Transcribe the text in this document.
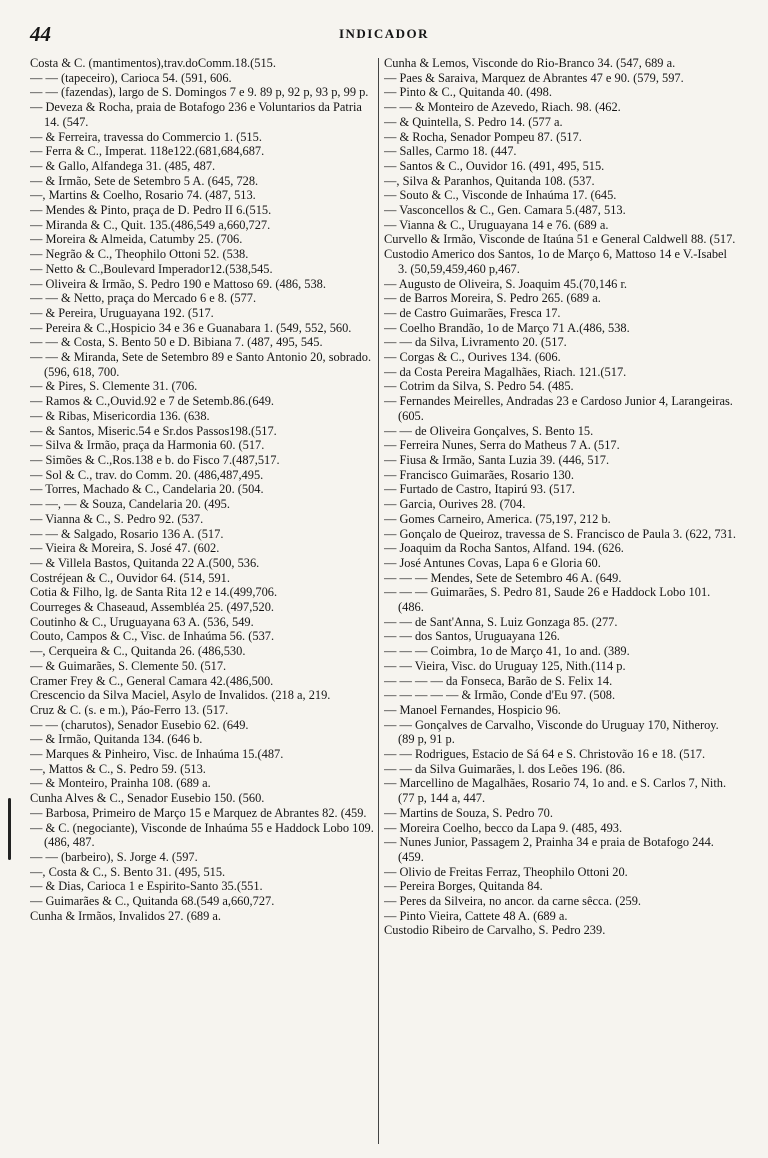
44	INDICADOR
Costa & C. (mantimentos),trav.doComm.18.(515.
— — (tapeceiro), Carioca 54. (591, 606.
— — (fazendas), largo de S. Domingos 7 e 9. 89 p, 92 p, 93 p, 99 p.
— Deveza & Rocha, praia de Botafogo 236 e Voluntarios da Patria 14. (547.
— & Ferreira, travessa do Commercio 1. (515.
— Ferra & C., Imperat. 118e122.(681,684,687.
— & Gallo, Alfandega 31. (485, 487.
— & Irmão, Sete de Setembro 5 A. (645, 728.
—, Martins & Coelho, Rosario 74. (487, 513.
— Mendes & Pinto, praça de D. Pedro II 6.(515.
— Miranda & C., Quit. 135.(486,549 a,660,727.
— Moreira & Almeida, Catumby 25. (706.
— Negrão & C., Theophilo Ottoni 52. (538.
— Netto & C.,Boulevard Imperador12.(538,545.
— Oliveira & Irmão, S. Pedro 190 e Mattoso 69. (486, 538.
— — & Netto, praça do Mercado 6 e 8. (577.
— & Pereira, Uruguayana 192. (517.
— Pereira & C.,Hospicio 34 e 36 e Guanabara 1. (549, 552, 560.
— — & Costa, S. Bento 50 e D. Bibiana 7. (487, 495, 545.
— — & Miranda, Sete de Setembro 89 e Santo Antonio 20, sobrado. (596, 618, 700.
— & Pires, S. Clemente 31. (706.
— Ramos & C.,Ouvid.92 e 7 de Setemb.86.(649.
— & Ribas, Misericordia 136. (638.
— & Santos, Miseric.54 e Sr.dos Passos198.(517.
— Silva & Irmão, praça da Harmonia 60. (517.
— Simões & C.,Ros.138 e b. do Fisco 7.(487,517.
— Sol & C., trav. do Comm. 20. (486,487,495.
— Torres, Machado & C., Candelaria 20. (504.
— —, — & Souza, Candelaria 20. (495.
— Vianna & C., S. Pedro 92. (537.
— — & Salgado, Rosario 136 A. (517.
— Vieira & Moreira, S. José 47. (602.
— & Villela Bastos, Quitanda 22 A.(500, 536.
Costréjean & C., Ouvidor 64. (514, 591.
Cotia & Filho, lg. de Santa Rita 12 e 14.(499,706.
Courreges & Chaseaud, Assembléa 25. (497,520.
Coutinho & C., Uruguayana 63 A. (536, 549.
Couto, Campos & C., Visc. de Inhaúma 56. (537.
—, Cerqueira & C., Quitanda 26. (486,530.
— & Guimarães, S. Clemente 50. (517.
Cramer Frey & C., General Camara 42.(486,500.
Crescencio da Silva Maciel, Asylo de Invalidos. (218 a, 219.
Cruz & C. (s. e m.), Páo-Ferro 13. (517.
— — (charutos), Senador Eusebio 62. (649.
— & Irmão, Quitanda 134. (646 b.
— Marques & Pinheiro, Visc. de Inhaúma 15.(487.
—, Mattos & C., S. Pedro 59. (513.
— & Monteiro, Prainha 108. (689 a.
Cunha Alves & C., Senador Eusebio 150. (560.
— Barbosa, Primeiro de Março 15 e Marquez de Abrantes 82. (459.
— & C. (negociante), Visconde de Inhaúma 55 e Haddock Lobo 109. (486, 487.
— — (barbeiro), S. Jorge 4. (597.
—, Costa & C., S. Bento 31. (495, 515.
— & Dias, Carioca 1 e Espirito-Santo 35.(551.
— Guimarães & C., Quitanda 68.(549 a,660,727.
Cunha & Irmãos, Invalidos 27. (689 a.
Cunha & Lemos, Visconde do Rio-Branco 34. (547, 689 a.
— Paes & Saraiva, Marquez de Abrantes 47 e 90. (579, 597.
— Pinto & C., Quitanda 40. (498.
— — & Monteiro de Azevedo, Riach. 98. (462.
— & Quintella, S. Pedro 14. (577 a.
— & Rocha, Senador Pompeu 87. (517.
— Salles, Carmo 18. (447.
— Santos & C., Ouvidor 16. (491, 495, 515.
—, Silva & Paranhos, Quitanda 108. (537.
— Souto & C., Visconde de Inhaúma 17. (645.
— Vasconcellos & C., Gen. Camara 5.(487, 513.
— Vianna & C., Uruguayana 14 e 76. (689 a.
Curvello & Irmão, Visconde de Itaúna 51 e General Caldwell 88. (517.
Custodio Americo dos Santos, 1o de Março 6, Mattoso 14 e V.-Isabel 3. (50,59,459,460 p,467.
— Augusto de Oliveira, S. Joaquim 45.(70,146 r.
— de Barros Moreira, S. Pedro 265. (689 a.
— de Castro Guimarães, Fresca 17.
— Coelho Brandão, 1o de Março 71 A.(486, 538.
— — da Silva, Livramento 20. (517.
— Corgas & C., Ourives 134. (606.
— da Costa Pereira Magalhães, Riach. 121.(517.
— Cotrim da Silva, S. Pedro 54. (485.
— Fernandes Meirelles, Andradas 23 e Cardoso Junior 4, Larangeiras. (605.
— — de Oliveira Gonçalves, S. Bento 15.
— Ferreira Nunes, Serra do Matheus 7 A. (517.
— Fiusa & Irmão, Santa Luzia 39. (446, 517.
— Francisco Guimarães, Rosario 130.
— Furtado de Castro, Itapirú 93. (517.
— Garcia, Ourives 28. (704.
— Gomes Carneiro, America. (75,197, 212 b.
— Gonçalo de Queiroz, travessa de S. Francisco de Paula 3. (622, 731.
— Joaquim da Rocha Santos, Alfand. 194. (626.
— José Antunes Covas, Lapa 6 e Gloria 60.
— — — Mendes, Sete de Setembro 46 A. (649.
— — — Guimarães, S. Pedro 81, Saude 26 e Haddock Lobo 101. (486.
— — de Sant'Anna, S. Luiz Gonzaga 85. (277.
— — dos Santos, Uruguayana 126.
— — — Coimbra, 1o de Março 41, 1o and. (389.
— — Vieira, Visc. do Uruguay 125, Nith.(114 p.
— — — — da Fonseca, Barão de S. Felix 14.
— — — — — & Irmão, Conde d'Eu 97. (508.
— Manoel Fernandes, Hospicio 96.
— — Gonçalves de Carvalho, Visconde do Uruguay 170, Nitheroy. (89 p, 91 p.
— — Rodrigues, Estacio de Sá 64 e S. Christovão 16 e 18. (517.
— — da Silva Guimarães, l. dos Leões 196. (86.
— Marcellino de Magalhães, Rosario 74, 1o and. e S. Carlos 7, Nith. (77 p, 144 a, 447.
— Martins de Souza, S. Pedro 70.
— Moreira Coelho, becco da Lapa 9. (485, 493.
— Nunes Junior, Passagem 2, Prainha 34 e praia de Botafogo 244. (459.
— Olivio de Freitas Ferraz, Theophilo Ottoni 20.
— Pereira Borges, Quitanda 84.
— Peres da Silveira, no ancor. da carne sêcca. (259.
— Pinto Vieira, Cattete 48 A. (689 a.
Custodio Ribeiro de Carvalho, S. Pedro 239.
